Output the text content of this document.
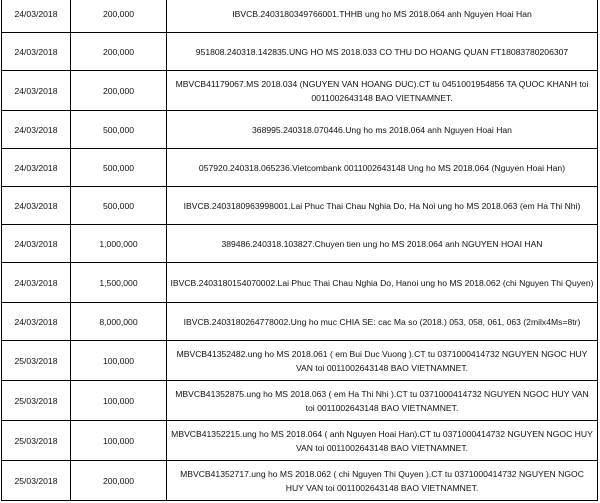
24/03/2018	200,000	IBVCB.2403180349766001.THHB ung ho MS 2018.064 anh Nguyen Hoai Han
24/03/2018	200,000	951808.240318.142835.UNG HO MS 2018.033 CO THU DO HOANG QUAN FT18083780206307
24/03/2018	200,000	MBVCB41179067.MS 2018.034 (NGUYEN VAN HOANG DUC).CT tu 0451001954856 TA QUOC KHANH toi 0011002643148 BAO VIETNAMNET.
24/03/2018	500,000	368995.240318.070446.Ung ho ms 2018.064 anh Nguyen Hoai Han
24/03/2018	500,000	057920.240318.065236.Vietcombank 0011002643148 Ung ho MS 2018.064 (Nguyen Hoai Han)
24/03/2018	500,000	IBVCB.2403180963998001.Lai Phuc Thai Chau Nghia Do, Ha Noi ung ho MS 2018.063 (em Ha Thi Nhi)
24/03/2018	1,000,000	389486.240318.103827.Chuyen tien ung ho MS 2018.064 anh NGUYEN HOAI HAN
24/03/2018	1,500,000	IBVCB.2403180154070002.Lai Phuc Thai Chau Nghia Do, Hanoi ung ho MS 2018.062 (chi Nguyen Thi Quyen)
24/03/2018	8,000,000	IBVCB.2403180264778002.Ung ho muc CHIA SE: cac Ma so (2018.) 053, 058, 061, 063 (2milx4Ms=8tr)
25/03/2018	100,000	MBVCB41352482.ung ho MS 2018.061 ( em Bui Duc Vuong ).CT tu 0371000414732 NGUYEN NGOC HUY VAN toi 0011002643148 BAO VIETNAMNET.
25/03/2018	100,000	MBVCB41352875.ung ho MS 2018.063 ( em Ha Thi Nhi ).CT tu 0371000414732 NGUYEN NGOC HUY VAN toi 0011002643148 BAO VIETNAMNET.
25/03/2018	100,000	MBVCB41352215.ung ho MS 2018.064 ( anh Nguyen Hoai Han).CT tu 0371000414732 NGUYEN NGOC HUY VAN toi 0011002643148 BAO VIETNAMNET.
25/03/2018	200,000	MBVCB41352717.ung ho MS 2018.062 ( chi Nguyen Thi Quyen ).CT tu 0371000414732 NGUYEN NGOC HUY VAN toi 0011002643148 BAO VIETNAMNET.
